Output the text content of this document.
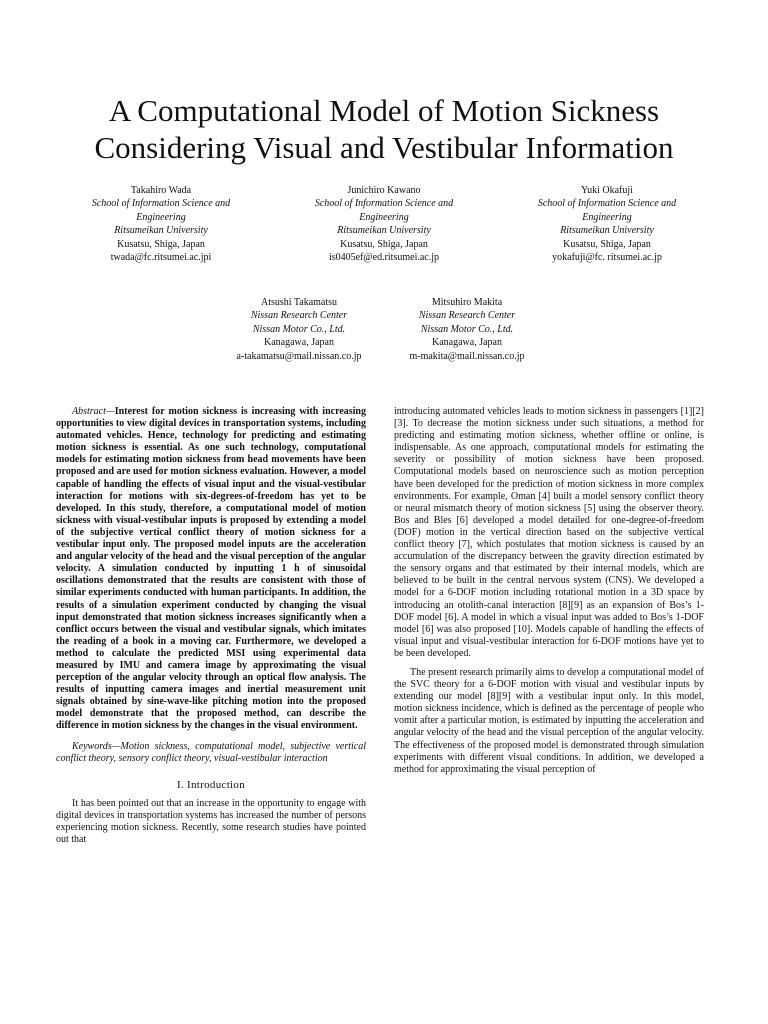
A Computational Model of Motion Sickness
Considering Visual and Vestibular Information
Takahiro Wada
School of Information Science and
Engineering
Ritsumeikan University
Kusatsu, Shiga, Japan
twada@fc.ritsumei.ac.jpi
Junichiro Kawano
School of Information Science and
Engineering
Ritsumeikan University
Kusatsu, Shiga, Japan
is0405ef@ed.ritsumei.ac.jp
Yuki Okafuji
School of Information Science and
Engineering
Ritsumeikan University
Kusatsu, Shiga, Japan
yokafuji@fc. ritsumei.ac.jp
Atsushi Takamatsu
Nissan Research Center
Nissan Motor Co., Ltd.
Kanagawa, Japan
a-takamatsu@mail.nissan.co.jp
Mitsuhiro Makita
Nissan Research Center
Nissan Motor Co., Ltd.
Kanagawa, Japan
m-makita@mail.nissan.co.jp

Abstract—Interest for motion sickness is increasing with increasing opportunities to view digital devices in transportation systems, including automated vehicles. Hence, technology for predicting and estimating motion sickness is essential. As one such technology, computational models for estimating motion sickness from head movements have been proposed and are used for motion sickness evaluation. However, a model capable of handling the effects of visual input and the visual-vestibular interaction for motions with six-degrees-of-freedom has yet to be developed. In this study, therefore, a computational model of motion sickness with visual-vestibular inputs is proposed by extending a model of the subjective vertical conflict theory of motion sickness for a vestibular input only. The proposed model inputs are the acceleration and angular velocity of the head and the visual perception of the angular velocity. A simulation conducted by inputting 1 h of sinusoidal oscillations demonstrated that the results are consistent with those of similar experiments conducted with human participants. In addition, the results of a simulation experiment conducted by changing the visual input demonstrated that motion sickness increases significantly when a conflict occurs between the visual and vestibular signals, which imitates the reading of a book in a moving car. Furthermore, we developed a method to calculate the predicted MSI using experimental data measured by IMU and camera image by approximating the visual perception of the angular velocity through an optical flow analysis. The results of inputting camera images and inertial measurement unit signals obtained by sine-wave-like pitching motion into the proposed model demonstrate that the proposed method, can describe the difference in motion sickness by the changes in the visual environment.

Keywords—Motion sickness, computational model, subjective vertical conflict theory, sensory conflict theory, visual-vestibular interaction

I. Introduction

It has been pointed out that an increase in the opportunity to engage with digital devices in transportation systems has increased the number of persons experiencing motion sickness. Recently, some research studies have pointed out that

introducing automated vehicles leads to motion sickness in passengers [1][2][3]. To decrease the motion sickness under such situations, a method for predicting and estimating motion sickness, whether offline or online, is indispensable. As one approach, computational models for estimating the severity or possibility of motion sickness have been proposed. Computational models based on neuroscience such as motion perception have been developed for the prediction of motion sickness in more complex environments. For example, Oman [4] built a model sensory conflict theory or neural mismatch theory of motion sickness [5] using the observer theory. Bos and Bles [6] developed a model detailed for one-degree-of-freedom (DOF) motion in the vertical direction based on the subjective vertical conflict theory [7], which postulates that motion sickness is caused by an accumulation of the discrepancy between the gravity direction estimated by the sensory organs and that estimated by their internal models, which are believed to be built in the central nervous system (CNS). We developed a model for a 6-DOF motion including rotational motion in a 3D space by introducing an otolith-canal interaction [8][9] as an expansion of Bos’s 1-DOF model [6]. A model in which a visual input was added to Bos’s 1-DOF model [6] was also proposed [10]. Models capable of handling the effects of visual input and visual-vestibular interaction for 6-DOF motions have yet to be been developed.

The present research primarily aims to develop a computational model of the SVC theory for a 6-DOF motion with visual and vestibular inputs by extending our model [8][9] with a vestibular input only. In this model, motion sickness incidence, which is defined as the percentage of people who vomit after a particular motion, is estimated by inputting the acceleration and angular velocity of the head and the visual perception of the angular velocity. The effectiveness of the proposed model is demonstrated through simulation experiments with different visual conditions. In addition, we developed a method for approximating the visual perception of
